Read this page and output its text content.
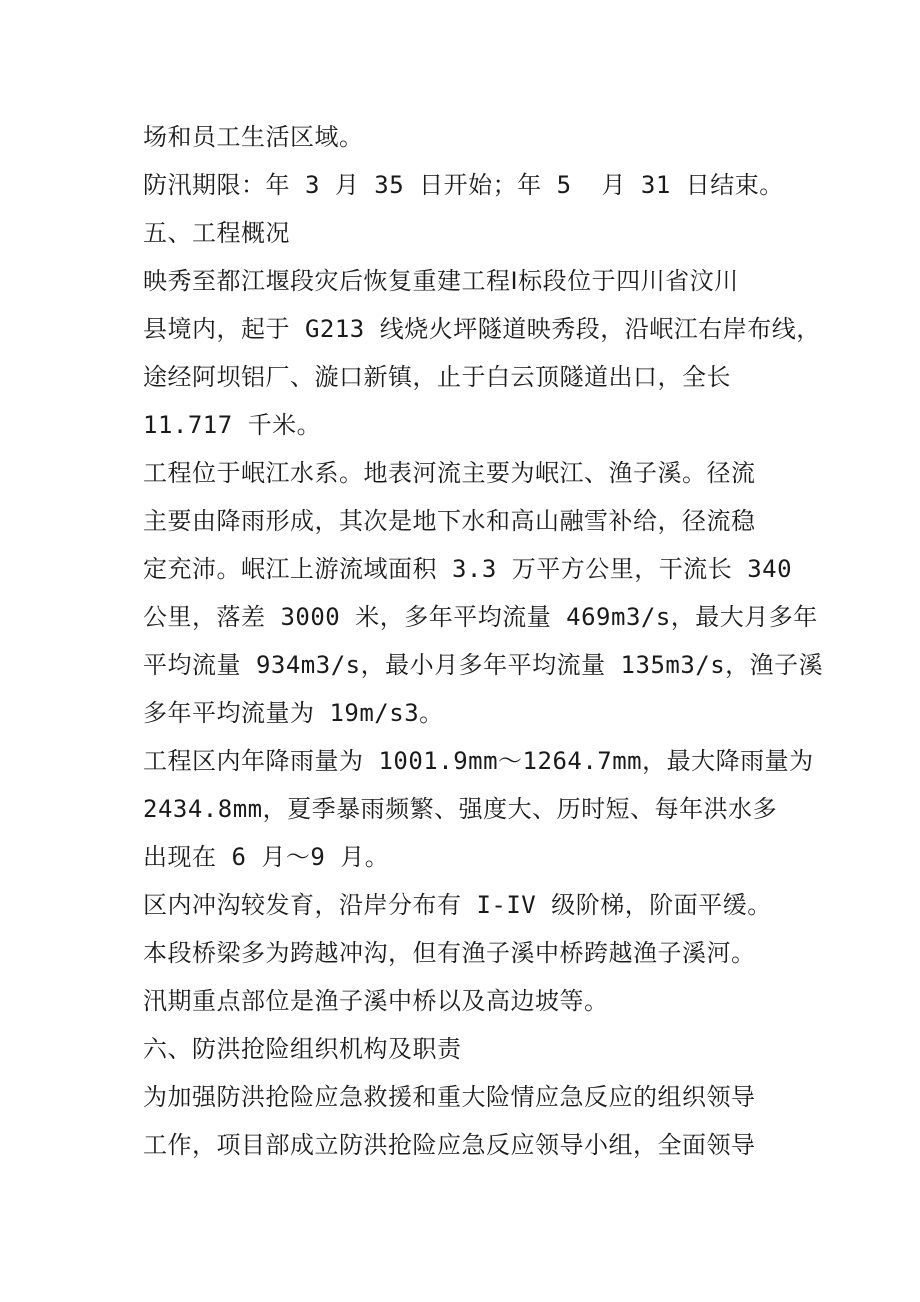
场和员工生活区域。
防汛期限：年 3 月 35 日开始；年 5  月 31 日结束。
五、工程概况
映秀至都江堰段灾后恢复重建工程Ⅰ标段位于四川省汶川
县境内，起于 G213 线烧火坪隧道映秀段，沿岷江右岸布线，
途经阿坝铝厂、漩口新镇，止于白云顶隧道出口，全长
11.717 千米。
工程位于岷江水系。地表河流主要为岷江、渔子溪。径流
主要由降雨形成，其次是地下水和高山融雪补给，径流稳
定充沛。岷江上游流域面积 3.3 万平方公里，干流长 340
公里，落差 3000 米，多年平均流量 469m3/s，最大月多年
平均流量 934m3/s，最小月多年平均流量 135m3/s，渔子溪
多年平均流量为 19m/s3。
工程区内年降雨量为 1001.9mm～1264.7mm，最大降雨量为
2434.8mm，夏季暴雨频繁、强度大、历时短、每年洪水多
出现在 6 月～9 月。
区内冲沟较发育，沿岸分布有 I-IV 级阶梯，阶面平缓。
本段桥梁多为跨越冲沟，但有渔子溪中桥跨越渔子溪河。
汛期重点部位是渔子溪中桥以及高边坡等。
六、防洪抢险组织机构及职责
为加强防洪抢险应急救援和重大险情应急反应的组织领导
工作，项目部成立防洪抢险应急反应领导小组，全面领导
